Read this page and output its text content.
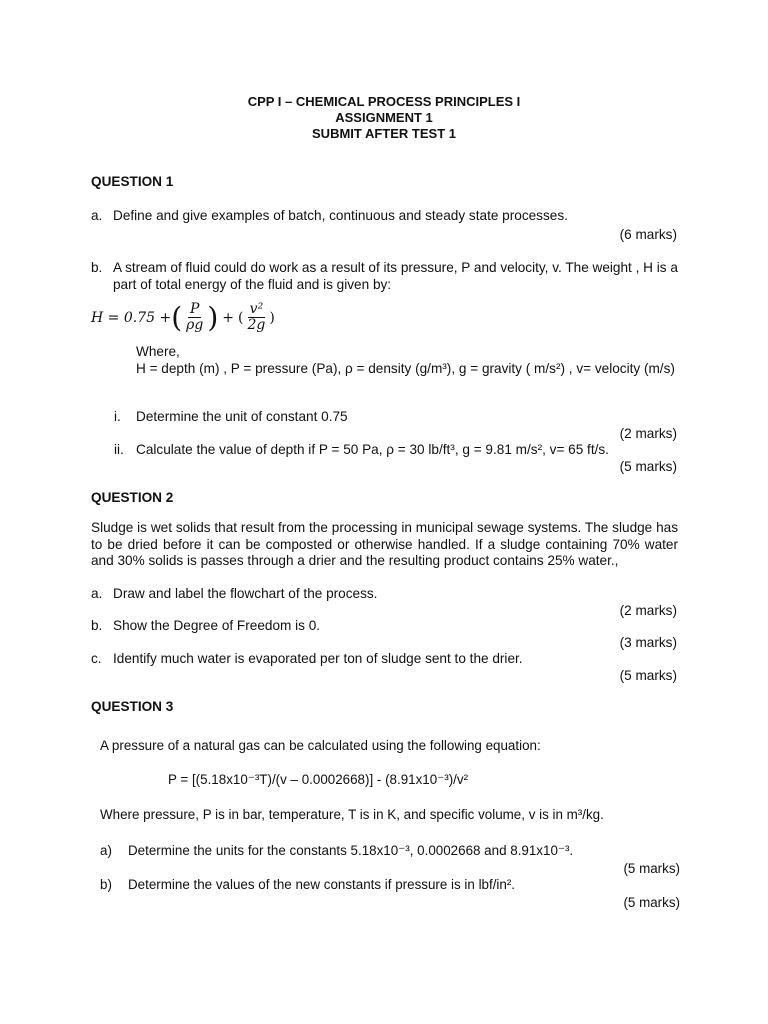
CPP I – CHEMICAL PROCESS PRINCIPLES I
ASSIGNMENT 1
SUBMIT AFTER TEST 1
QUESTION 1
a. Define and give examples of batch, continuous and steady state processes.
(6 marks)
b. A stream of fluid could do work as a result of its pressure, P and velocity, v. The weight , H is a part of total energy of the fluid and is given by:
H = 0.75 + ( $\frac{P}{\rho g}$ ) + ( $\frac{\text{v²}}{2g}$ )
Where,
H = depth (m) , P = pressure (Pa), ρ = density (g/m³), g = gravity ( m/s²) , v= velocity (m/s)
i. Determine the unit of constant 0.75
(2 marks)
ii. Calculate the value of depth if P = 50 Pa, ρ = 30 lb/ft³, g = 9.81 m/s², v= 65 ft/s.
(5 marks)
QUESTION 2
Sludge is wet solids that result from the processing in municipal sewage systems. The sludge has to be dried before it can be composted or otherwise handled. If a sludge containing 70% water and 30% solids is passes through a drier and the resulting product contains 25% water.,
a. Draw and label the flowchart of the process.
(2 marks)
b. Show the Degree of Freedom is 0.
(3 marks)
c. Identify much water is evaporated per ton of sludge sent to the drier.
(5 marks)
QUESTION 3
A pressure of a natural gas can be calculated using the following equation:
P = [(5.18x10⁻³T)/(v – 0.0002668)] - (8.91x10⁻³)/v²
Where pressure, P is in bar, temperature, T is in K, and specific volume, v is in m³/kg.
a) Determine the units for the constants 5.18x10⁻³, 0.0002668 and 8.91x10⁻³.
(5 marks)
b) Determine the values of the new constants if pressure is in lbf/in².
(5 marks)
